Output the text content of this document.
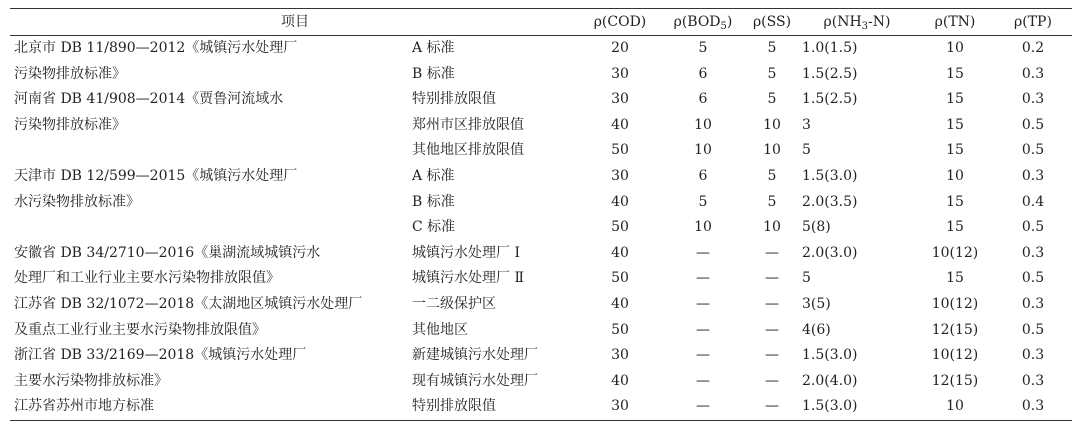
项目		ρ(COD)	$\rho(BOD_5)$	ρ(SS)	$\rho(NH_3-N)$	ρ(TN)	ρ(TP)
北京市 DB 11/890—2012《城镇污水处理厂	A 标准	20	5	5	1.0(1.5)	10	0.2
污染物排放标准》	B 标准	30	6	5	1.5(2.5)	15	0.3
河南省 DB 41/908—2014《贾鲁河流域水	特别排放限值	30	6	5	1.5(2.5)	15	0.3
污染物排放标准》	郑州市区排放限值	40	10	10	3	15	0.5
	其他地区排放限值	50	10	10	5	15	0.5
天津市 DB 12/599—2015《城镇污水处理厂	A 标准	30	6	5	1.5(3.0)	10	0.3
水污染物排放标准》	B 标准	40	5	5	2.0(3.5)	15	0.4
	C 标准	50	10	10	5(8)	15	0.5
安徽省 DB 34/2710—2016《巢湖流域城镇污水	城镇污水处理厂 Ⅰ	40	—	—	2.0(3.0)	10(12)	0.3
处理厂和工业行业主要水污染物排放限值》	城镇污水处理厂 Ⅱ	50	—	—	5	15	0.5
江苏省 DB 32/1072—2018《太湖地区城镇污水处理厂	一二级保护区	40	—	—	3(5)	10(12)	0.3
及重点工业行业主要水污染物排放限值》	其他地区	50	—	—	4(6)	12(15)	0.5
浙江省 DB 33/2169—2018《城镇污水处理厂	新建城镇污水处理厂	30	—	—	1.5(3.0)	10(12)	0.3
主要水污染物排放标准》	现有城镇污水处理厂	40	—	—	2.0(4.0)	12(15)	0.3
江苏省苏州市地方标准	特别排放限值	30	—	—	1.5(3.0)	10	0.3
